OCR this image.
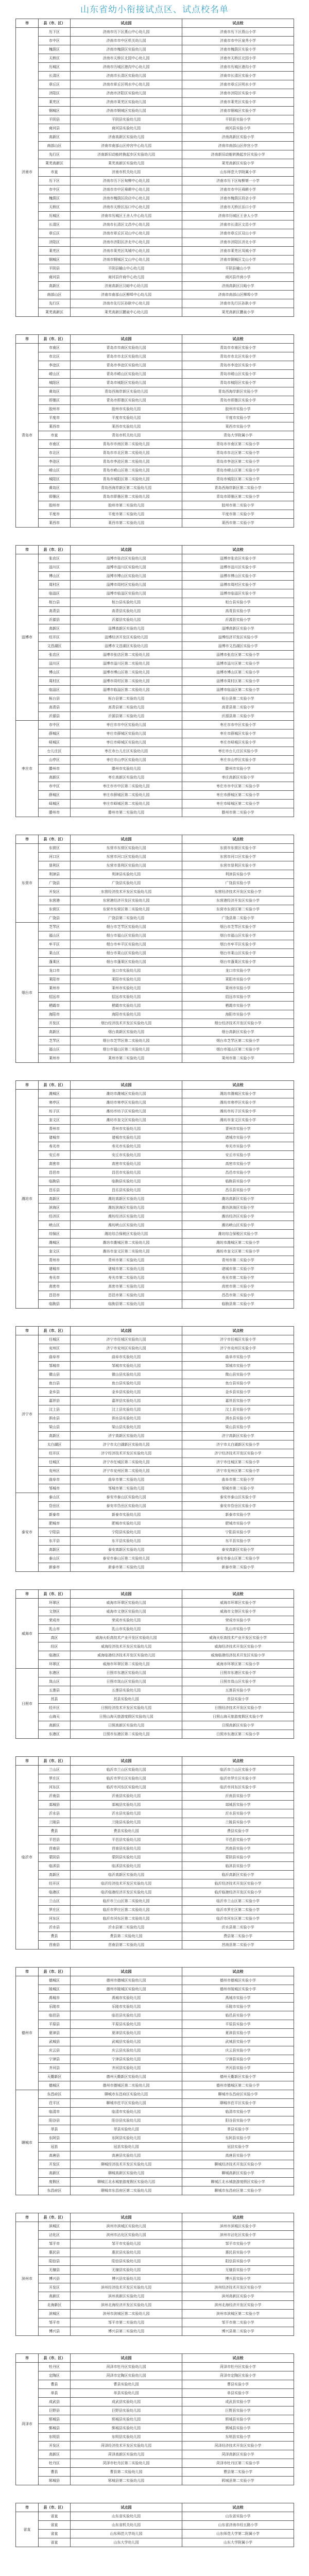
山东省幼小衔接试点区、试点校名单
市	县（市、区）	试点园	试点校
济南市	历下区	济南市历下区燕山中心幼儿园	济南市历下区燕山小学
	市中区	济南市市中区机关幼儿园	济南市市中区泉秀小学
	槐荫区	济南市槐荫区实验幼儿园	济南市槐荫区实验小学
	天桥区	济南市天桥区北园中心幼儿园	济南市天桥区北园小学
	历城区	济南市历城区港沟中心幼儿园	济南市历城区港沟小学
	长清区	济南市长清区实验幼儿园	济南市长清区实验小学
	章丘区	济南市章丘区明水中心幼儿园	济南市章丘区明水小学
	济阳区	济南市济阳区实验幼儿园	济南市济阳区实验小学
	莱芜区	济南市莱芜区实验幼儿园	济南市莱芜区实验小学
	钢城区	济南市钢城区实验幼儿园	济南市钢城区实验小学
	平阴县	平阴县实验幼儿园	平阴县实验小学
	商河县	商河县实验幼儿园	商河县实验小学
	高新区	济南高新区实验幼儿园	济南高新区实验小学
	南部山区	济南市南部山区仲宫中心幼儿园	济南市南部山区仲宫小学
	先行区	济南新旧动能转换起步区实验幼儿园	济南新旧动能转换起步区实验小学
	莱芜高新区	莱芜高新区实验幼儿园	莱芜高新区实验小学
	市直	济南市机关幼儿园	山东师范大学附属小学
	历下区	济南市历下区甸柳中心幼儿园	济南市历下区甸柳第一小学
	市中区	济南市市中区舜耕中心幼儿园	济南市市中区舜耕小学
	槐荫区	济南市槐荫区段店中心幼儿园	济南市槐荫区段店小学
	天桥区	济南市天桥区泺口中心幼儿园	济南市天桥区泺口小学
	历城区	济南市历城区王舍人中心幼儿园	济南市历城区王舍人小学
	长清区	济南市长清区文昌中心幼儿园	济南市长清区文昌小学
	章丘区	济南市章丘区双山中心幼儿园	济南市章丘区双山小学
	济阳区	济南市济阳区济北中心幼儿园	济南市济阳区济北小学
	莱芜区	济南市莱芜区凤城中心幼儿园	济南市莱芜区凤城小学
	钢城区	济南市钢城区艾山中心幼儿园	济南市钢城区艾山小学
	平阴县	平阴县榆山中心幼儿园	平阴县榆山小学
	商河县	商河县许商中心幼儿园	商河县许商小学
	高新区	济南高新区汉峪中心幼儿园	济南高新区汉峪小学
	南部山区	济南市南部山区柳埠中心幼儿园	济南市南部山区柳埠小学
	先行区	济南市先行区孙耿中心幼儿园	济南市先行区孙耿小学
	莱芜高新区	莱芜高新区鹏泉中心幼儿园	莱芜高新区鹏泉小学
市	县（市、区）	试点园	试点校
青岛市	市南区	青岛市市南区实验幼儿园	青岛市市南区实验小学
	市北区	青岛市市北区实验幼儿园	青岛市市北区实验小学
	李沧区	青岛市李沧区实验幼儿园	青岛市李沧区实验小学
	崂山区	青岛市崂山区实验幼儿园	青岛市崂山区实验小学
	城阳区	青岛市城阳区实验幼儿园	青岛市城阳区实验小学
	黄岛区	青岛西海岸新区实验幼儿园	青岛西海岸新区实验小学
	即墨区	青岛市即墨区实验幼儿园	青岛市即墨区实验小学
	胶州市	胶州市实验幼儿园	胶州市实验小学
	平度市	平度市实验幼儿园	平度市实验小学
	莱西市	莱西市实验幼儿园	莱西市实验小学
	市直	青岛市机关幼儿园	青岛大学附属小学
	市南区	青岛市市南区第二实验幼儿园	青岛市市南区第二实验小学
	市北区	青岛市市北区第二实验幼儿园	青岛市市北区第二实验小学
	李沧区	青岛市李沧区第二实验幼儿园	青岛市李沧区第二实验小学
	崂山区	青岛市崂山区第二实验幼儿园	青岛市崂山区第二实验小学
	城阳区	青岛市城阳区第二实验幼儿园	青岛市城阳区第二实验小学
	黄岛区	青岛西海岸新区第二实验幼儿园	青岛西海岸新区第二实验小学
	即墨区	青岛市即墨区第二实验幼儿园	青岛市即墨区第二实验小学
	胶州市	胶州市第二实验幼儿园	胶州市第二实验小学
	平度市	平度市第二实验幼儿园	平度市第二实验小学
	莱西市	莱西市第二实验幼儿园	莱西市第二实验小学
市	县（市、区）	试点园	试点校
淄博市	张店区	淄博市张店区实验幼儿园	淄博市张店区实验小学
	淄川区	淄博市淄川区实验幼儿园	淄博市淄川区实验小学
	博山区	淄博市博山区实验幼儿园	淄博市博山区实验小学
	周村区	淄博市周村区实验幼儿园	淄博市周村区实验小学
	临淄区	淄博市临淄区实验幼儿园	淄博市临淄区实验小学
	桓台县	桓台县实验幼儿园	桓台县实验小学
	高青县	高青县实验幼儿园	高青县实验小学
	沂源县	沂源县实验幼儿园	沂源县实验小学
	高新区	淄博高新区实验幼儿园	淄博高新区实验小学
	经开区	淄博经济开发区实验幼儿园	淄博经济开发区实验小学
	文昌湖区	淄博市文昌湖区实验幼儿园	淄博市文昌湖区实验小学
	张店区	淄博市张店区第二实验幼儿园	淄博市张店区第二实验小学
	淄川区	淄博市淄川区第二实验幼儿园	淄博市淄川区第二实验小学
	博山区	淄博市博山区第二实验幼儿园	淄博市博山区第二实验小学
	周村区	淄博市周村区第二实验幼儿园	淄博市周村区第二实验小学
	临淄区	淄博市临淄区第二实验幼儿园	淄博市临淄区第二实验小学
	桓台县	桓台县第二实验幼儿园	桓台县第二实验小学
	高青县	高青县第二实验幼儿园	高青县第二实验小学
	沂源县	沂源县第二实验幼儿园	沂源县第二实验小学
枣庄市	市中区	枣庄市市中区实验幼儿园	枣庄市市中区实验小学
	薛城区	枣庄市薛城区实验幼儿园	枣庄市薛城区实验小学
	峄城区	枣庄市峄城区实验幼儿园	枣庄市峄城区实验小学
	台儿庄区	枣庄市台儿庄区实验幼儿园	枣庄市台儿庄区实验小学
	山亭区	枣庄市山亭区实验幼儿园	枣庄市山亭区实验小学
	滕州市	滕州市实验幼儿园	滕州市实验小学
	高新区	枣庄高新区实验幼儿园	枣庄高新区实验小学
	市中区	枣庄市市中区第二实验幼儿园	枣庄市市中区第二实验小学
	薛城区	枣庄市薛城区第二实验幼儿园	枣庄市薛城区第二实验小学
	峄城区	枣庄市峄城区第二实验幼儿园	枣庄市峄城区第二实验小学
	滕州市	滕州市第二实验幼儿园	滕州市第二实验小学
市	县（市、区）	试点园	试点校
东营市	东营区	东营市东营区实验幼儿园	东营市东营区实验小学
	河口区	东营市河口区实验幼儿园	东营市河口区实验小学
	垦利区	东营市垦利区实验幼儿园	东营市垦利区实验小学
	利津县	利津县实验幼儿园	利津县实验小学
	广饶县	广饶县实验幼儿园	广饶县实验小学
	开发区	东营经济技术开发区实验幼儿园	东营经济技术开发区实验小学
	东营港	东营港经济开发区实验幼儿园	东营港经济开发区实验小学
	东营区	东营市东营区第二实验幼儿园	东营市东营区第二实验小学
	广饶县	广饶县第二实验幼儿园	广饶县第二实验小学
烟台市	芝罘区	烟台市芝罘区实验幼儿园	烟台市芝罘区实验小学
	福山区	烟台市福山区实验幼儿园	烟台市福山区实验小学
	牟平区	烟台市牟平区实验幼儿园	烟台市牟平区实验小学
	莱山区	烟台市莱山区实验幼儿园	烟台市莱山区实验小学
	蓬莱区	烟台市蓬莱区实验幼儿园	烟台市蓬莱区实验小学
	龙口市	龙口市实验幼儿园	龙口市实验小学
	莱阳市	莱阳市实验幼儿园	莱阳市实验小学
	莱州市	莱州市实验幼儿园	莱州市实验小学
	招远市	招远市实验幼儿园	招远市实验小学
	栖霞市	栖霞市实验幼儿园	栖霞市实验小学
	海阳市	海阳市实验幼儿园	海阳市实验小学
	开发区	烟台经济技术开发区实验幼儿园	烟台经济技术开发区实验小学
	高新区	烟台高新区实验幼儿园	烟台高新区实验小学
	芝罘区	烟台市芝罘区第二实验幼儿园	烟台市芝罘区第二实验小学
	福山区	烟台市福山区第二实验幼儿园	烟台市福山区第二实验小学
	莱州市	莱州市第二实验幼儿园	莱州市第二实验小学
市	县（市、区）	试点园	试点校
潍坊市	潍城区	潍坊市潍城区实验幼儿园	潍坊市潍城区实验小学
	寒亭区	潍坊市寒亭区实验幼儿园	潍坊市寒亭区实验小学
	坊子区	潍坊市坊子区实验幼儿园	潍坊市坊子区实验小学
	奎文区	潍坊市奎文区实验幼儿园	潍坊市奎文区实验小学
	青州市	青州市实验幼儿园	青州市实验小学
	诸城市	诸城市实验幼儿园	诸城市实验小学
	寿光市	寿光市实验幼儿园	寿光市实验小学
	安丘市	安丘市实验幼儿园	安丘市实验小学
	高密市	高密市实验幼儿园	高密市实验小学
	昌邑市	昌邑市实验幼儿园	昌邑市实验小学
	临朐县	临朐县实验幼儿园	临朐县实验小学
	昌乐县	昌乐县实验幼儿园	昌乐县实验小学
	高新区	潍坊高新区实验幼儿园	潍坊高新区实验小学
	滨海区	潍坊滨海区实验幼儿园	潍坊滨海区实验小学
	经济区	潍坊经济区实验幼儿园	潍坊经济区实验小学
	峡山区	潍坊峡山区实验幼儿园	潍坊峡山区实验小学
	综保区	潍坊综合保税区实验幼儿园	潍坊综合保税区实验小学
	潍城区	潍坊市潍城区第二实验幼儿园	潍坊市潍城区第二实验小学
	奎文区	潍坊市奎文区第二实验幼儿园	潍坊市奎文区第二实验小学
	青州市	青州市第二实验幼儿园	青州市第二实验小学
	诸城市	诸城市第二实验幼儿园	诸城市第二实验小学
	寿光市	寿光市第二实验幼儿园	寿光市第二实验小学
	高密市	高密市第二实验幼儿园	高密市第二实验小学
	昌邑市	昌邑市第二实验幼儿园	昌邑市第二实验小学
	临朐县	临朐县第二实验幼儿园	临朐县第二实验小学
市	县（市、区）	试点园	试点校
济宁市	任城区	济宁市任城区实验幼儿园	济宁市任城区实验小学
	兖州区	济宁市兖州区实验幼儿园	济宁市兖州区实验小学
	曲阜市	曲阜市实验幼儿园	曲阜市实验小学
	邹城市	邹城市实验幼儿园	邹城市实验小学
	微山县	微山县实验幼儿园	微山县实验小学
	鱼台县	鱼台县实验幼儿园	鱼台县实验小学
	金乡县	金乡县实验幼儿园	金乡县实验小学
	嘉祥县	嘉祥县实验幼儿园	嘉祥县实验小学
	汶上县	汶上县实验幼儿园	汶上县实验小学
	泗水县	泗水县实验幼儿园	泗水县实验小学
	梁山县	梁山县实验幼儿园	梁山县实验小学
	高新区	济宁高新区实验幼儿园	济宁高新区实验小学
	太白湖区	济宁市太白湖新区实验幼儿园	济宁市太白湖新区实验小学
	经开区	济宁经济技术开发区实验幼儿园	济宁经济技术开发区实验小学
	任城区	济宁市任城区第二实验幼儿园	济宁市任城区第二实验小学
	兖州区	济宁市兖州区第二实验幼儿园	济宁市兖州区第二实验小学
	曲阜市	曲阜市第二实验幼儿园	曲阜市第二实验小学
	邹城市	邹城市第二实验幼儿园	邹城市第二实验小学
泰安市	泰山区	泰安市泰山区实验幼儿园	泰安市泰山区实验小学
	岱岳区	泰安市岱岳区实验幼儿园	泰安市岱岳区实验小学
	新泰市	新泰市实验幼儿园	新泰市实验小学
	肥城市	肥城市实验幼儿园	肥城市实验小学
	宁阳县	宁阳县实验幼儿园	宁阳县实验小学
	东平县	东平县实验幼儿园	东平县实验小学
	高新区	泰安高新区实验幼儿园	泰安高新区实验小学
	泰山区	泰安市泰山区第二实验幼儿园	泰安市泰山区第二实验小学
	新泰市	新泰市第二实验幼儿园	新泰市第二实验小学
市	县（市、区）	试点园	试点校
威海市	环翠区	威海市环翠区实验幼儿园	威海市环翠区实验小学
	文登区	威海市文登区实验幼儿园	威海市文登区实验小学
	荣成市	荣成市实验幼儿园	荣成市实验小学
	乳山市	乳山市实验幼儿园	乳山市实验小学
	高区	威海火炬高技术产业开发区实验幼儿园	威海火炬高技术产业开发区实验小学
	经区	威海经济技术开发区实验幼儿园	威海经济技术开发区实验小学
	临港区	威海临港经济技术开发区实验幼儿园	威海临港经济技术开发区实验小学
	环翠区	威海市环翠区第二实验幼儿园	威海市环翠区第二实验小学
日照市	东港区	日照市东港区实验幼儿园	日照市东港区实验小学
	岚山区	日照市岚山区实验幼儿园	日照市岚山区实验小学
	五莲县	五莲县实验幼儿园	五莲县实验小学
	莒县	莒县实验幼儿园	莒县实验小学
	经开区	日照经济技术开发区实验幼儿园	日照经济技术开发区实验小学
	山海天	日照山海天旅游度假区实验幼儿园	日照山海天旅游度假区实验小学
	高新区	日照高新区实验幼儿园	日照高新区实验小学
	东港区	日照市东港区第二实验幼儿园	日照市东港区第二实验小学
市	县（市、区）	试点园	试点校
临沂市	兰山区	临沂市兰山区实验幼儿园	临沂市兰山区实验小学
	罗庄区	临沂市罗庄区实验幼儿园	临沂市罗庄区实验小学
	河东区	临沂市河东区实验幼儿园	临沂市河东区实验小学
	沂南县	沂南县实验幼儿园	沂南县实验小学
	郯城县	郯城县实验幼儿园	郯城县实验小学
	沂水县	沂水县实验幼儿园	沂水县实验小学
	兰陵县	兰陵县实验幼儿园	兰陵县实验小学
	费县	费县实验幼儿园	费县实验小学
	平邑县	平邑县实验幼儿园	平邑县实验小学
	莒南县	莒南县实验幼儿园	莒南县实验小学
	蒙阴县	蒙阴县实验幼儿园	蒙阴县实验小学
	临沭县	临沭县实验幼儿园	临沭县实验小学
	高新区	临沂高新区实验幼儿园	临沂高新区实验小学
	经开区	临沂经济技术开发区实验幼儿园	临沂经济技术开发区实验小学
	临港区	临沂临港经济开发区实验幼儿园	临沂临港经济开发区实验小学
	兰山区	临沂市兰山区第二实验幼儿园	临沂市兰山区第二实验小学
	罗庄区	临沂市罗庄区第二实验幼儿园	临沂市罗庄区第二实验小学
	河东区	临沂市河东区第二实验幼儿园	临沂市河东区第二实验小学
	沂水县	沂水县第二实验幼儿园	沂水县第二实验小学
	费县	费县第二实验幼儿园	费县第二实验小学
	莒南县	莒南县第二实验幼儿园	莒南县第二实验小学
市	县（市、区）	试点园	试点校
德州市	德城区	德州市德城区实验幼儿园	德州市德城区实验小学
	陵城区	德州市陵城区实验幼儿园	德州市陵城区实验小学
	禹城市	禹城市实验幼儿园	禹城市实验小学
	乐陵市	乐陵市实验幼儿园	乐陵市实验小学
	临邑县	临邑县实验幼儿园	临邑县实验小学
	平原县	平原县实验幼儿园	平原县实验小学
	夏津县	夏津县实验幼儿园	夏津县实验小学
	武城县	武城县实验幼儿园	武城县实验小学
	庆云县	庆云县实验幼儿园	庆云县实验小学
	宁津县	宁津县实验幼儿园	宁津县实验小学
	齐河县	齐河县实验幼儿园	齐河县实验小学
	天衢新区	德州天衢新区实验幼儿园	德州天衢新区实验小学
	德城区	德州市德城区第二实验幼儿园	德州市德城区第二实验小学
聊城市	东昌府区	聊城市东昌府区实验幼儿园	聊城市东昌府区实验小学
	茌平区	聊城市茌平区实验幼儿园	聊城市茌平区实验小学
	临清市	临清市实验幼儿园	临清市实验小学
	阳谷县	阳谷县实验幼儿园	阳谷县实验小学
	莘县	莘县实验幼儿园	莘县实验小学
	东阿县	东阿县实验幼儿园	东阿县实验小学
	冠县	冠县实验幼儿园	冠县实验小学
	高唐县	高唐县实验幼儿园	高唐县实验小学
	开发区	聊城经济技术开发区实验幼儿园	聊城经济技术开发区实验小学
	高新区	聊城高新区实验幼儿园	聊城高新区实验小学
	度假区	聊城江北水城旅游度假区实验幼儿园	聊城江北水城旅游度假区实验小学
	东昌府区	聊城市东昌府区第二实验幼儿园	聊城市东昌府区第二实验小学
市	县（市、区）	试点园	试点校
滨州市	滨城区	滨州市滨城区实验幼儿园	滨州市滨城区实验小学
	沾化区	滨州市沾化区实验幼儿园	滨州市沾化区实验小学
	邹平市	邹平市实验幼儿园	邹平市实验小学
	惠民县	惠民县实验幼儿园	惠民县实验小学
	阳信县	阳信县实验幼儿园	阳信县实验小学
	无棣县	无棣县实验幼儿园	无棣县实验小学
	博兴县	博兴县实验幼儿园	博兴县实验小学
	开发区	滨州经济技术开发区实验幼儿园	滨州经济技术开发区实验小学
	高新区	滨州高新区实验幼儿园	滨州高新区实验小学
	北海新区	滨州北海经济开发区实验幼儿园	滨州北海经济开发区实验小学
	滨城区	滨州市滨城区第二实验幼儿园	滨州市滨城区第二实验小学
	邹平市	邹平市第二实验幼儿园	邹平市第二实验小学
	博兴县	博兴县第二实验幼儿园	博兴县第二实验小学
市	县（市、区）	试点园	试点校
菏泽市	牡丹区	菏泽市牡丹区实验幼儿园	菏泽市牡丹区实验小学
	定陶区	菏泽市定陶区实验幼儿园	菏泽市定陶区实验小学
	曹县	曹县实验幼儿园	曹县实验小学
	单县	单县实验幼儿园	单县实验小学
	成武县	成武县实验幼儿园	成武县实验小学
	巨野县	巨野县实验幼儿园	巨野县实验小学
	郓城县	郓城县实验幼儿园	郓城县实验小学
	鄄城县	鄄城县实验幼儿园	鄄城县实验小学
	东明县	东明县实验幼儿园	东明县实验小学
	开发区	菏泽经济技术开发区实验幼儿园	菏泽经济技术开发区实验小学
	高新区	菏泽高新区实验幼儿园	菏泽高新区实验小学
	牡丹区	菏泽市牡丹区第二实验幼儿园	菏泽市牡丹区第二实验小学
	曹县	曹县第二实验幼儿园	曹县第二实验小学
	郓城县	郓城县第二实验幼儿园	郓城县第二实验小学
市	县（市、区）	试点园	试点校
省直	省直	山东省实验幼儿园	山东省实验小学
	省直	山东省机关幼儿园	山东省济南市经五路小学
	省直	山东师范大学幼儿园	山东师范大学第二附属小学
	省直	山东大学幼儿园	山东大学附属小学
